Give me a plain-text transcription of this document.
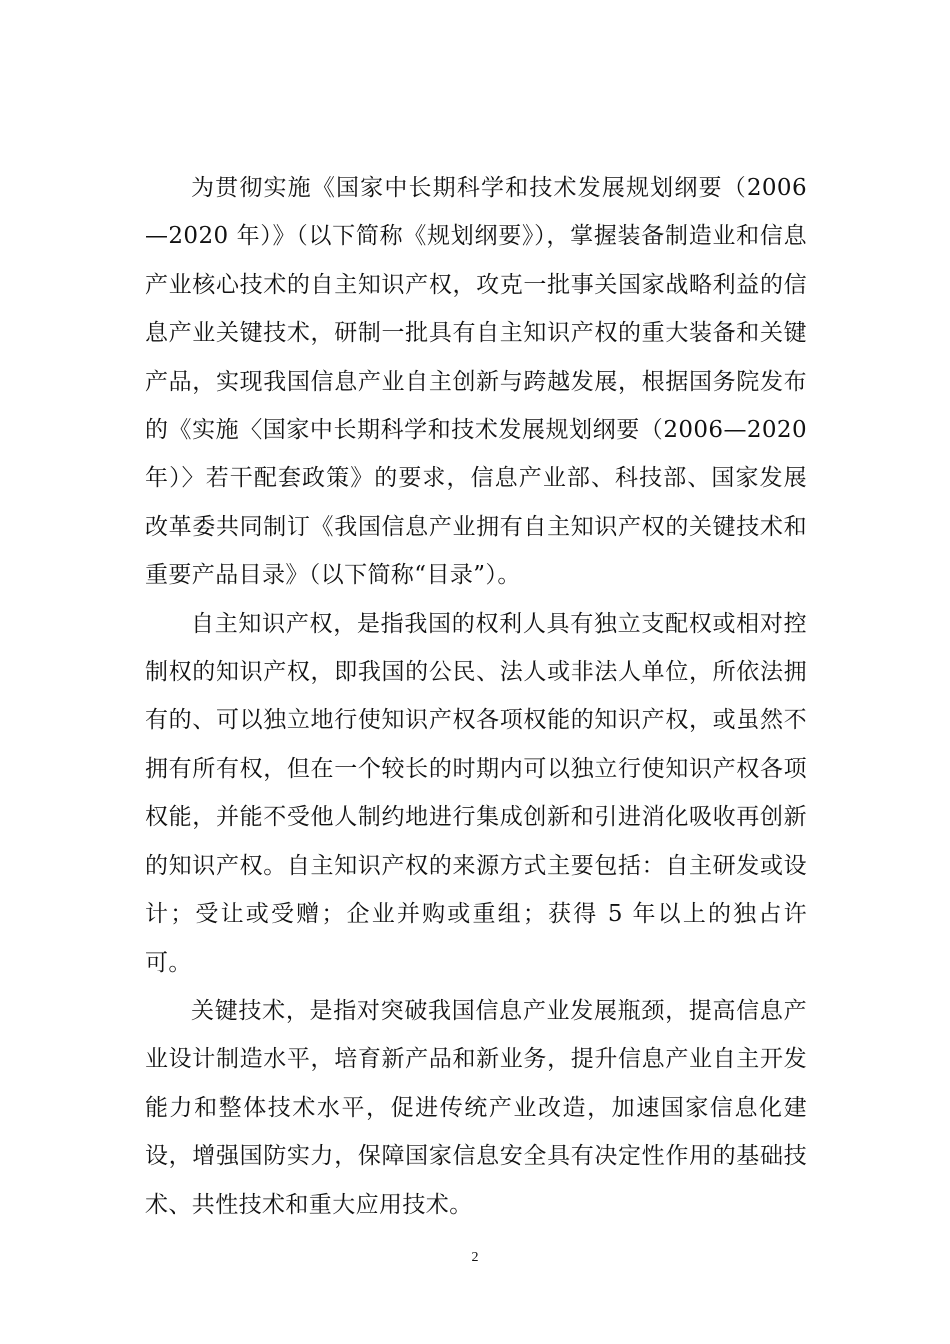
为贯彻实施《国家中长期科学和技术发展规划纲要（2006—2020 年）》（以下简称《规划纲要》），掌握装备制造业和信息产业核心技术的自主知识产权，攻克一批事关国家战略利益的信息产业关键技术，研制一批具有自主知识产权的重大装备和关键产品，实现我国信息产业自主创新与跨越发展，根据国务院发布的《实施〈国家中长期科学和技术发展规划纲要（2006—2020 年）〉若干配套政策》的要求，信息产业部、科技部、国家发展改革委共同制订《我国信息产业拥有自主知识产权的关键技术和重要产品目录》（以下简称“目录”）。

自主知识产权，是指我国的权利人具有独立支配权或相对控制权的知识产权，即我国的公民、法人或非法人单位，所依法拥有的、可以独立地行使知识产权各项权能的知识产权，或虽然不拥有所有权，但在一个较长的时期内可以独立行使知识产权各项权能，并能不受他人制约地进行集成创新和引进消化吸收再创新的知识产权。自主知识产权的来源方式主要包括：自主研发或设计；受让或受赠；企业并购或重组；获得 5 年以上的独占许可。

关键技术，是指对突破我国信息产业发展瓶颈，提高信息产业设计制造水平，培育新产品和新业务，提升信息产业自主开发能力和整体技术水平，促进传统产业改造，加速国家信息化建设，增强国防实力，保障国家信息安全具有决定性作用的基础技术、共性技术和重大应用技术。

2
